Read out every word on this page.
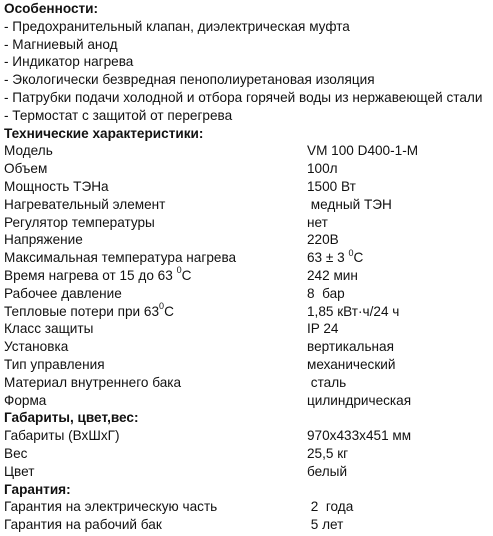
Особенности:
- Предохранительный клапан, диэлектрическая муфта
- Магниевый анод
- Индикатор нагрева
- Экологически безвредная пенополиуретановая изоляция
- Патрубки подачи холодной и отбора горячей воды из нержавеющей стали
- Термостат с защитой от перегрева
Технические характеристики:
Модель	VM 100 D400-1-M
Объем	100л
Мощность ТЭНа	1500 Вт
Нагревательный элемент	медный ТЭН
Регулятор температуры	нет
Напряжение	220В
Максимальная температура нагрева	63 ± 3 $^0$C
Время нагрева от 15 до 63 $^0$C	242 мин
Рабочее давление	8  бар
Тепловые потери при $63^0C$	1,85 кВт·ч/24 ч
Класс защиты	IP 24
Установка	вертикальная
Тип управления	механический
Материал внутреннего бака	сталь
Форма	цилиндрическая
Габариты, цвет,вес:
Габариты (ВхШхГ)	970x433x451 мм
Вес	25,5 кг
Цвет	белый
Гарантия:
Гарантия на электрическую часть	2  года
Гарантия на рабочий бак	5 лет
